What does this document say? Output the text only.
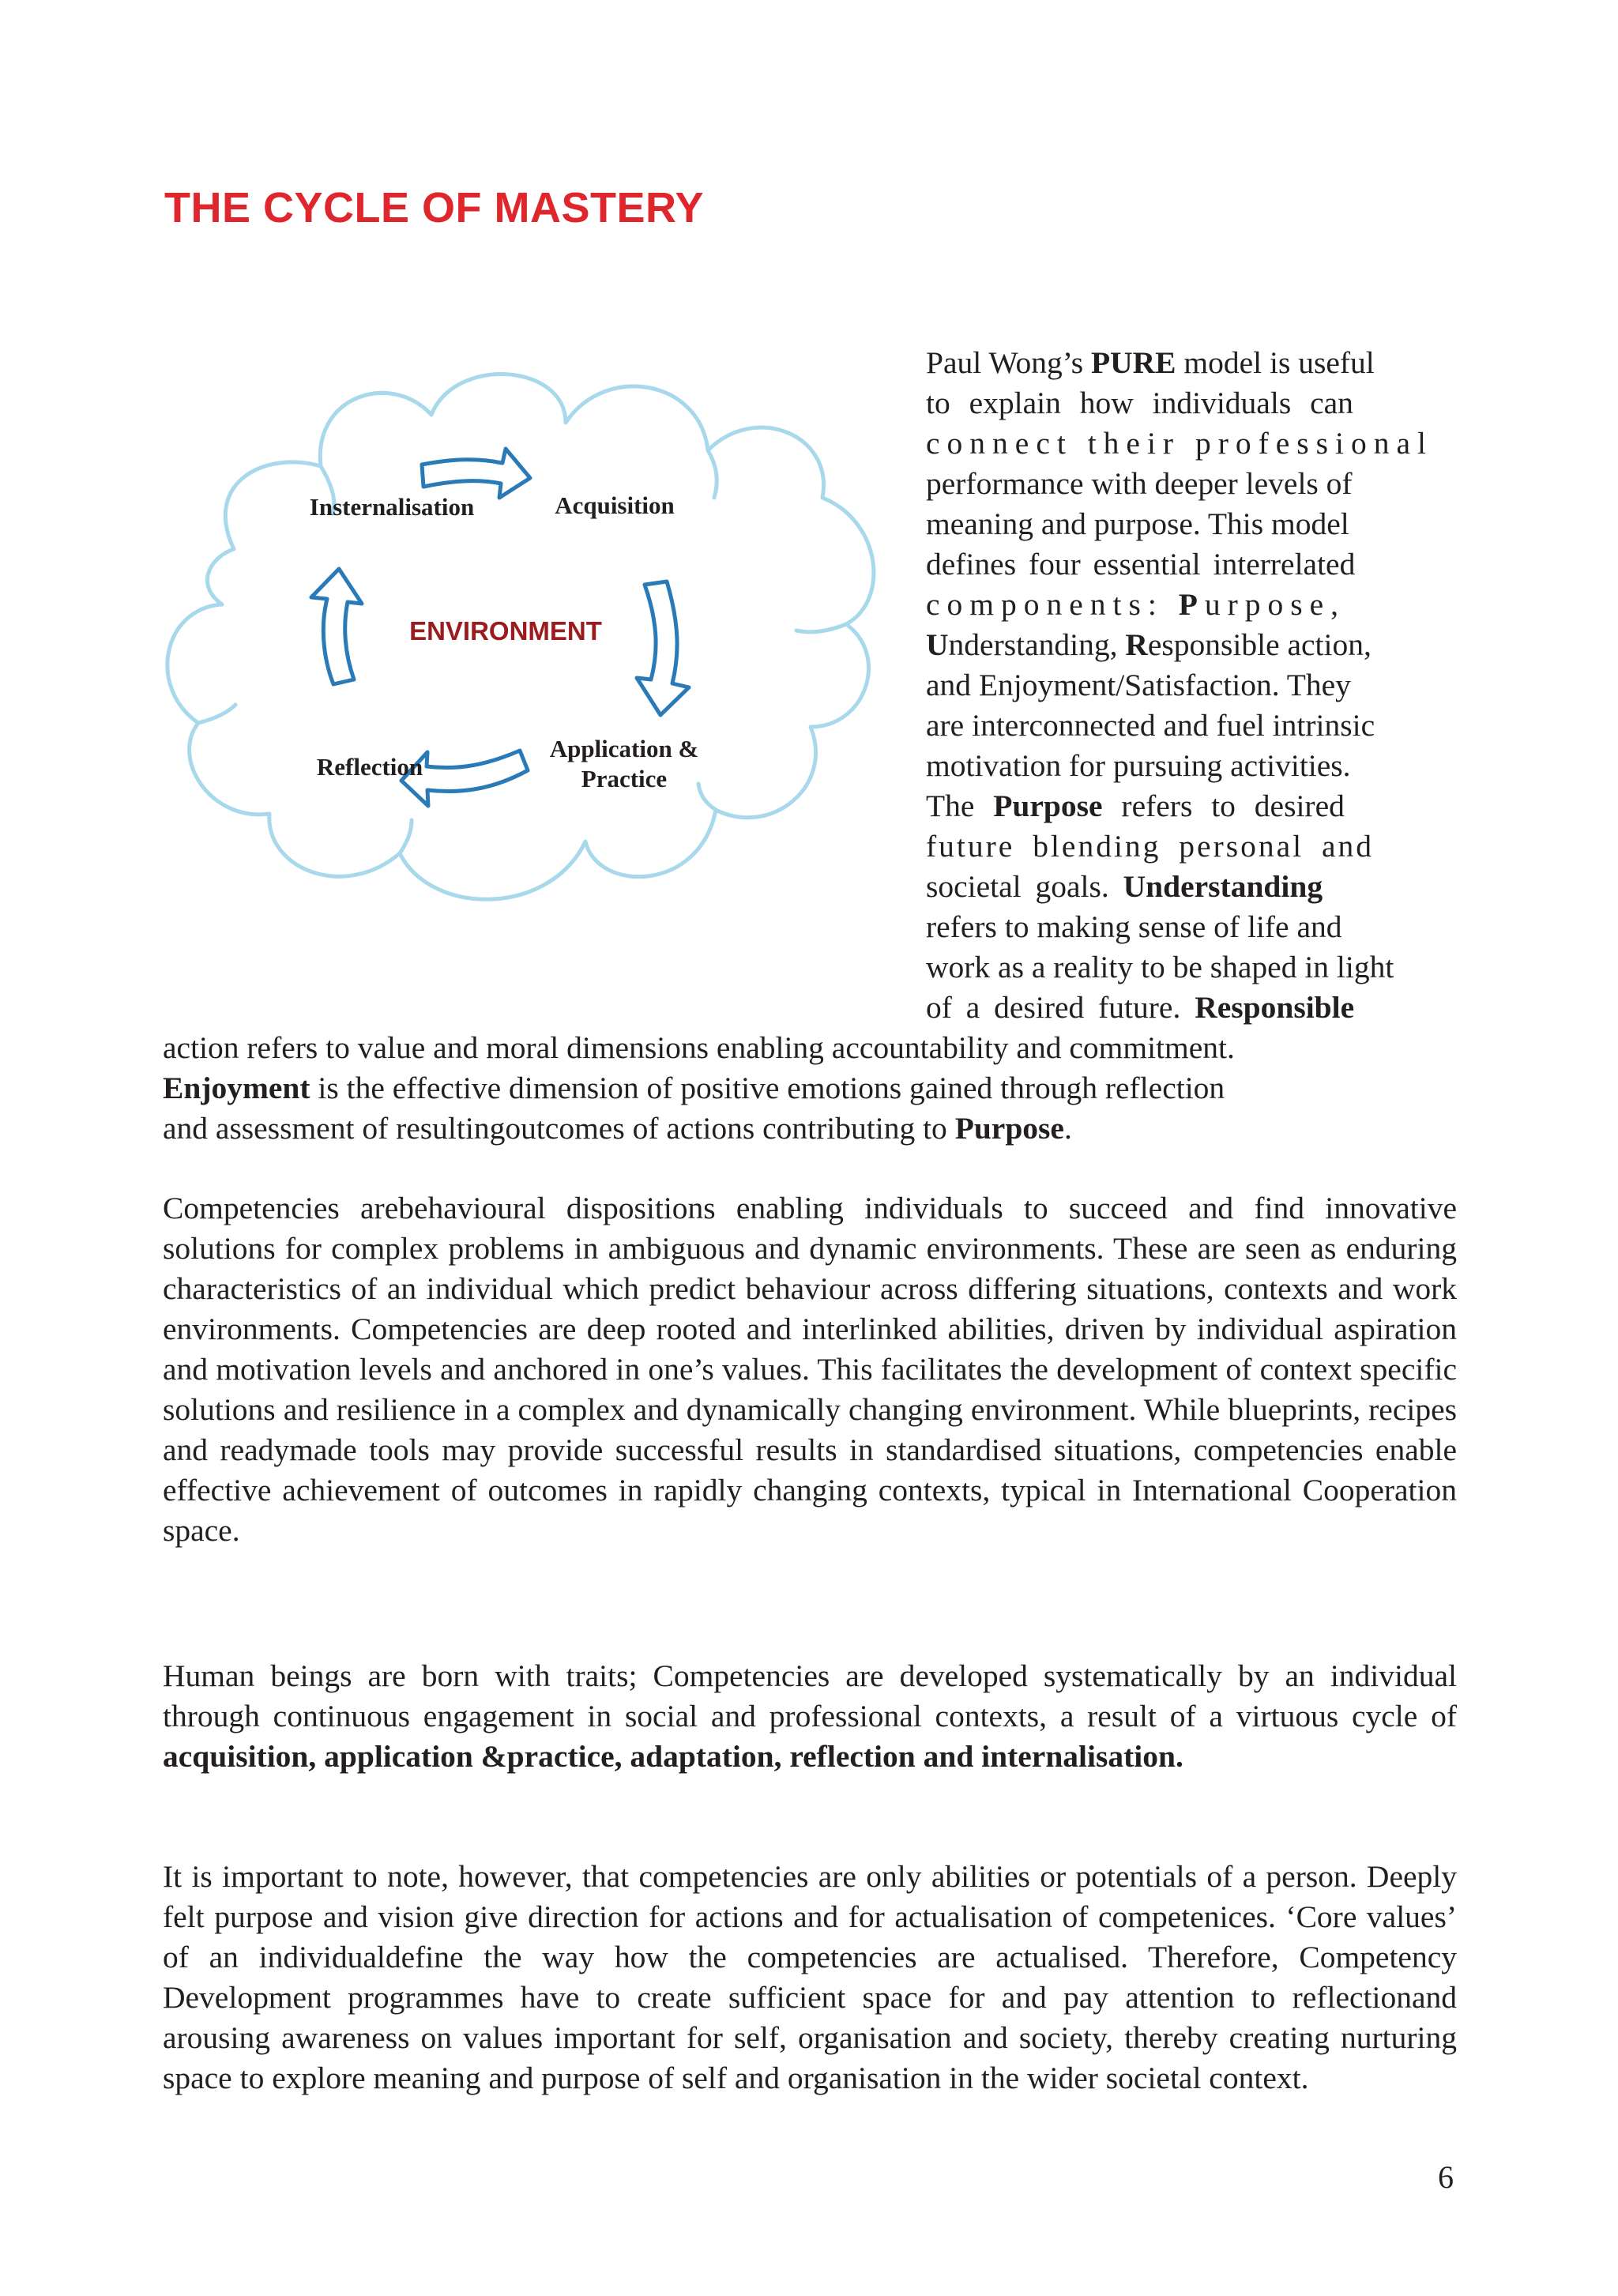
THE CYCLE OF MASTERY
Insternalisation	Acquisition
ENVIRONMENT
Application &
Practice
Reflection
Paul Wong’s PURE model is useful
to explain how individuals can
connect their professional
performance with deeper levels of
meaning and purpose. This model
defines four essential interrelated
components: Purpose,
Understanding, Responsible action,
and Enjoyment/Satisfaction. They
are interconnected and fuel intrinsic
motivation for pursuing activities.
The Purpose refers to desired
future blending personal and
societal goals. Understanding
refers to making sense of life and
work as a reality to be shaped in light
of a desired future. Responsible
action refers to value and moral dimensions enabling accountability and commitment.
Enjoyment is the effective dimension of positive emotions gained through reflection
and assessment of resultingoutcomes of actions contributing to Purpose.

Competencies arebehavioural dispositions enabling individuals to succeed and find innovative solutions for complex problems in ambiguous and dynamic environments. These are seen as enduring characteristics of an individual which predict behaviour across differing situations, contexts and work environments. Competencies are deep rooted and interlinked abilities, driven by individual aspiration and motivation levels and anchored in one’s values. This facilitates the development of context specific solutions and resilience in a complex and dynamically changing environment. While blueprints, recipes and readymade tools may provide successful results in standardised situations, competencies enable effective achievement of outcomes in rapidly changing contexts, typical in International Cooperation space.

Human beings are born with traits; Competencies are developed systematically by an individual through continuous engagement in social and professional contexts, a result of a virtuous cycle of acquisition, application &practice, adaptation, reflection and internalisation.

It is important to note, however, that competencies are only abilities or potentials of a person. Deeply felt purpose and vision give direction for actions and for actualisation of competenices. ‘Core values’ of an individualdefine the way how the competencies are actualised. Therefore, Competency Development programmes have to create sufficient space for and pay attention to reflectionand arousing awareness on values important for self, organisation and society, thereby creating nurturing space to explore meaning and purpose of self and organisation in the wider societal context.

6
